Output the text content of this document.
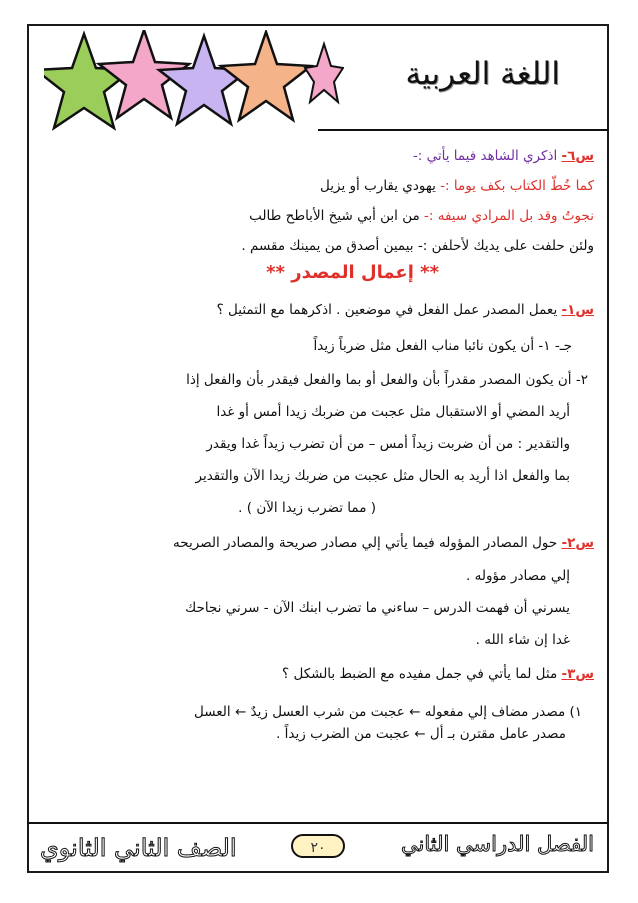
اللغة العربية
س٦- اذكري الشاهد فيما يأتي :-
كما خُطّ الكتاب بكف يوما :- يهودي يقارب أو يزيل
نجوتُ وقد بل المرادي سيفه :- من ابن أبي شيخ الأباطح طالب
ولئن حلفت على يديك لأحلفن :- بيمين أصدق من يمينك مقسم .
** إعمال المصدر **
س١- يعمل المصدر عمل الفعل في موضعين . اذكرهما مع التمثيل ؟
جـ- ١- أن يكون نائبا مناب الفعل مثل ضرباً زيداً
٢- أن يكون المصدر مقدراً بأن والفعل أو بما والفعل فيقدر بأن والفعل إذا
أريد المضي أو الاستقبال مثل عجبت من ضربك زيدا أمس أو غدا
والتقدير : من أن ضربت زيداً أمس – من أن تضرب زيداً غدا ويقدر
بما والفعل اذا أريد به الحال مثل عجبت من ضربك زيدا الآن والتقدير
( مما تضرب زيدا الآن ) .
س٢- حول المصادر المؤوله فيما يأتي إلي مصادر صريحة والمصادر الصريحه
إلي مصادر مؤوله .
يسرني أن فهمت الدرس – ساءني ما تضرب ابنك الآن - سرني نجاحك
غدا إن شاء الله .
س٣- مثل لما يأتي في جمل مفيده مع الضبط بالشكل ؟
١) مصدر مضاف إلي مفعوله ← عجبت من شرب العسل زيدٌ ← العسل
مصدر عامل مقترن بـ أل ← عجبت من الضرب زيداً .
الصف الثاني الثانوي	٢٠	الفصل الدراسي الثاني
